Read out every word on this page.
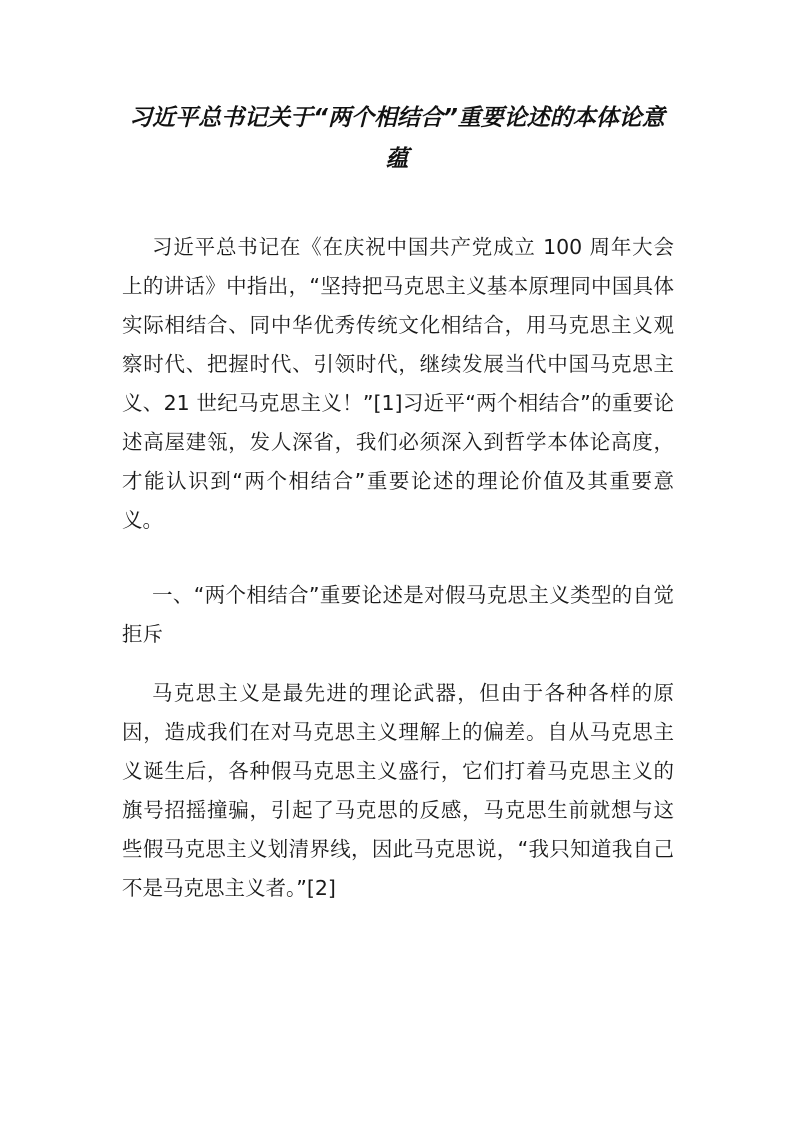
习近平总书记关于“两个相结合”重要论述的本体论意蕴

习近平总书记在《在庆祝中国共产党成立 100 周年大会上的讲话》中指出，“坚持把马克思主义基本原理同中国具体实际相结合、同中华优秀传统文化相结合，用马克思主义观察时代、把握时代、引领时代，继续发展当代中国马克思主义、21 世纪马克思主义！”[1]习近平“两个相结合”的重要论述高屋建瓴，发人深省，我们必须深入到哲学本体论高度，才能认识到“两个相结合”重要论述的理论价值及其重要意义。

一、“两个相结合”重要论述是对假马克思主义类型的自觉拒斥

马克思主义是最先进的理论武器，但由于各种各样的原因，造成我们在对马克思主义理解上的偏差。自从马克思主义诞生后，各种假马克思主义盛行，它们打着马克思主义的旗号招摇撞骗，引起了马克思的反感，马克思生前就想与这些假马克思主义划清界线，因此马克思说，“我只知道我自己不是马克思主义者。”[2]
